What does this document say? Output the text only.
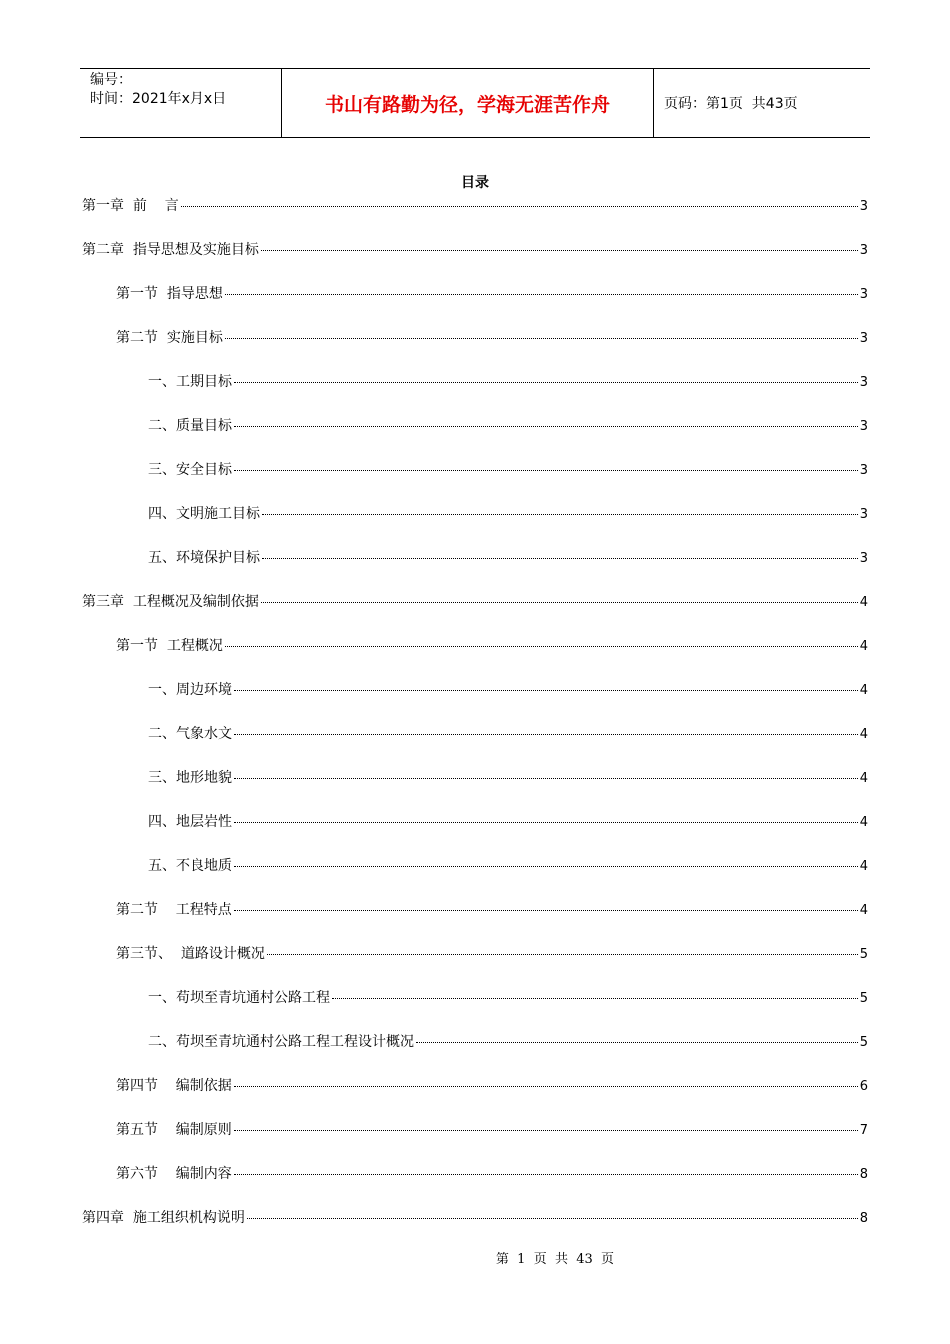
编号：
时间：2021年x月x日	书山有路勤为径，学海无涯苦作舟	页码：第1页  共43页
目录
第一章  前    言	3
第二章  指导思想及实施目标	3
第一节  指导思想	3
第二节  实施目标	3
一、工期目标	3
二、质量目标	3
三、安全目标	3
四、文明施工目标	3
五、环境保护目标	3
第三章  工程概况及编制依据	4
第一节  工程概况	4
一、周边环境	4
二、气象水文	4
三、地形地貌	4
四、地层岩性	4
五、不良地质	4
第二节    工程特点	4
第三节、  道路设计概况	5
一、苟坝至青坑通村公路工程	5
二、苟坝至青坑通村公路工程工程设计概况	5
第四节    编制依据	6
第五节    编制原则	7
第六节    编制内容	8
第四章  施工组织机构说明	8
第  1  页  共  43  页
